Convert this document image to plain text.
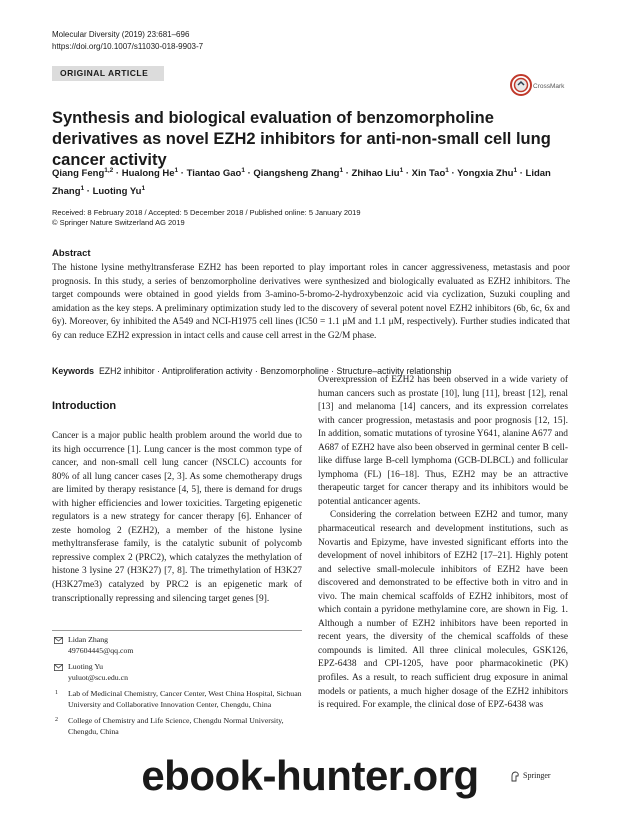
Molecular Diversity (2019) 23:681–696
https://doi.org/10.1007/s11030-018-9903-7
ORIGINAL ARTICLE
CrossMark
Synthesis and biological evaluation of benzomorpholine derivatives as novel EZH2 inhibitors for anti-non-small cell lung cancer activity
Qiang Feng$^{1,2}$ · Hualong $He^1$ · Tiantao Gao$^1$ · Qiangsheng Zhang$^1$ · Zhihao Liu$^1$ · Xin Tao$^1$ · Yongxia Zhu$^1$ · Lidan Zhang$^1$ · Luoting Yu$^1$
Received: 8 February 2018 / Accepted: 5 December 2018 / Published online: 5 January 2019
© Springer Nature Switzerland AG 2019
Abstract

The histone lysine methyltransferase EZH2 has been reported to play important roles in cancer aggressiveness, metastasis and poor prognosis. In this study, a series of benzomorpholine derivatives were synthesized and biologically evaluated as EZH2 inhibitors. The target compounds were obtained in good yields from 3-amino-5-bromo-2-hydroxybenzoic acid via cyclization, Suzuki coupling and amidation as the key steps. A preliminary optimization study led to the discovery of several potent novel EZH2 inhibitors (6b, 6c, 6x and 6y). Moreover, 6y inhibited the A549 and NCI-H1975 cell lines (IC50 = 1.1 μM and 1.1 μM, respectively). Further studies indicated that 6y can reduce EZH2 expression in intact cells and cause cell arrest in the G2/M phase.

Keywords EZH2 inhibitor · Antiproliferation activity · Benzomorpholine · Structure–activity relationship
Introduction

Cancer is a major public health problem around the world due to its high occurrence [1]. Lung cancer is the most common type of cancer, and non-small cell lung cancer (NSCLC) accounts for 80% of all lung cancer cases [2, 3]. As some chemotherapy drugs are limited by therapy resistance [4, 5], there is demand for drugs with higher efficiencies and lower toxicities. Targeting epigenetic regulators is a new strategy for cancer therapy [6]. Enhancer of zeste homolog 2 (EZH2), a member of the histone lysine methyltransferase family, is the catalytic subunit of polycomb repressive complex 2 (PRC2), which catalyzes the methylation of histone 3 lysine 27 (H3K27) [7, 8]. The trimethylation of H3K27 (H3K27me3) catalyzed by PRC2 is an epigenetic mark of transcriptionally repressing and silencing target genes [9].

Overexpression of EZH2 has been observed in a wide variety of human cancers such as prostate [10], lung [11], breast [12], renal [13] and melanoma [14] cancers, and its expression correlates with cancer progression, metastasis and poor prognosis [12, 15]. In addition, somatic mutations of tyrosine Y641, alanine A677 and A687 of EZH2 have also been observed in germinal center B cell-like diffuse large B-cell lymphoma (GCB-DLBCL) and follicular lymphoma (FL) [16–18]. Thus, EZH2 may be an attractive therapeutic target for cancer therapy and its inhibitors would be potential anticancer agents.

Considering the correlation between EZH2 and tumor, many pharmaceutical research and development institutions, such as Novartis and Epizyme, have invested significant efforts into the development of novel inhibitors of EZH2 [17–21]. Highly potent and selective small-molecule inhibitors of EZH2 have been discovered and demonstrated to be effective both in vitro and in vivo. The main chemical scaffolds of EZH2 inhibitors, most of which contain a pyridone methylamine core, are shown in Fig. 1. Although a number of EZH2 inhibitors have been reported in recent years, the diversity of the chemical scaffolds of these compounds is limited. All three clinical molecules, GSK126, EPZ-6438 and CPI-1205, have poor pharmacokinetic (PK) profiles. As a result, to reach sufficient drug exposure in animal models or patients, a much higher dosage of the EZH2 inhibitors is required. For example, the clinical dose of EPZ-6438 was

Lidan Zhang
497604445@qq.com
Luoting Yu
yuluot@scu.edu.cn
1 Lab of Medicinal Chemistry, Cancer Center, West China Hospital, Sichuan University and Collaborative Innovation Center, Chengdu, China
2 College of Chemistry and Life Science, Chengdu Normal University, Chengdu, China
Springer
ebook-hunter.org
